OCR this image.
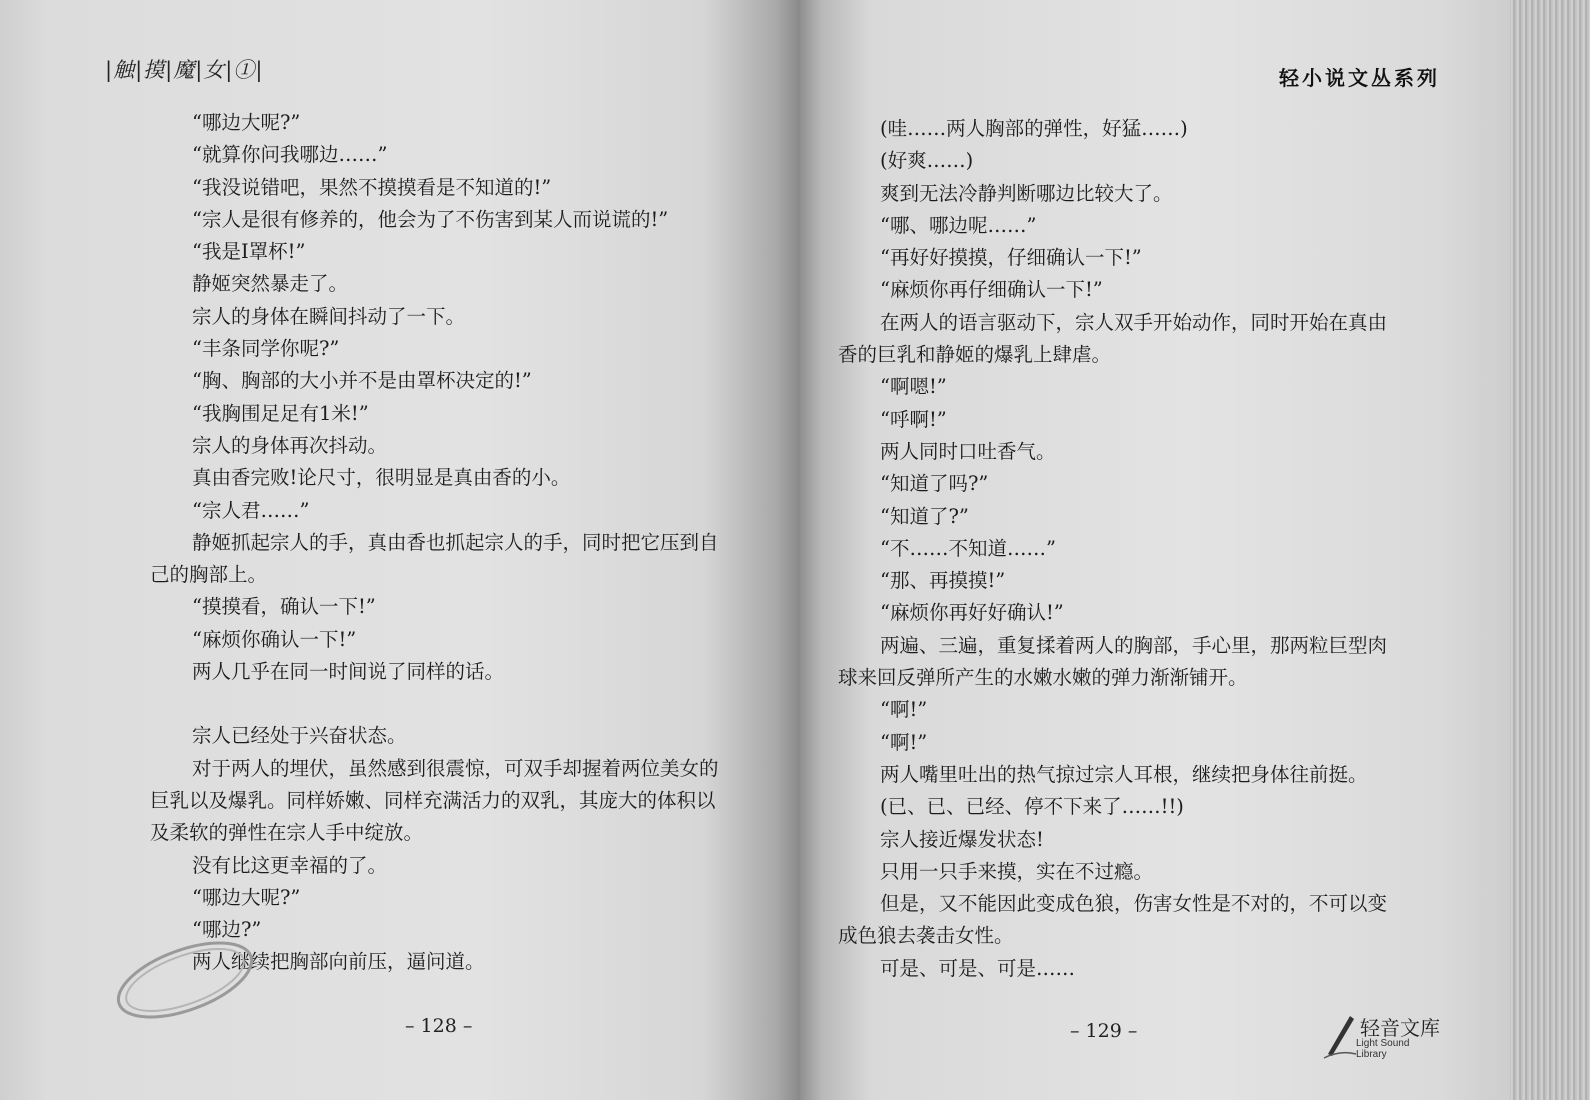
|触|摸|魔|女|①|

“哪边大呢?”

“就算你问我哪边……”

“我没说错吧，果然不摸摸看是不知道的!”

“宗人是很有修养的，他会为了不伤害到某人而说谎的!”

“我是I罩杯!”

静姬突然暴走了。

宗人的身体在瞬间抖动了一下。

“丰条同学你呢?”

“胸、胸部的大小并不是由罩杯决定的!”

“我胸围足足有1米!”

宗人的身体再次抖动。

真由香完败!论尺寸，很明显是真由香的小。

“宗人君……”

静姬抓起宗人的手，真由香也抓起宗人的手，同时把它压到自己的胸部上。

“摸摸看，确认一下!”

“麻烦你确认一下!”

两人几乎在同一时间说了同样的话。

宗人已经处于兴奋状态。

对于两人的埋伏，虽然感到很震惊，可双手却握着两位美女的巨乳以及爆乳。同样娇嫩、同样充满活力的双乳，其庞大的体积以及柔软的弹性在宗人手中绽放。

没有比这更幸福的了。

“哪边大呢?”

“哪边?”

两人继续把胸部向前压，逼问道。

– 128 –
轻小说文丛系列

(哇……两人胸部的弹性，好猛……)

(好爽……)

爽到无法冷静判断哪边比较大了。

“哪、哪边呢……”

“再好好摸摸，仔细确认一下!”

“麻烦你再仔细确认一下!”

在两人的语言驱动下，宗人双手开始动作，同时开始在真由香的巨乳和静姬的爆乳上肆虐。

“啊嗯!”

“呼啊!”

两人同时口吐香气。

“知道了吗?”

“知道了?”

“不……不知道……”

“那、再摸摸!”

“麻烦你再好好确认!”

两遍、三遍，重复揉着两人的胸部，手心里，那两粒巨型肉球来回反弹所产生的水嫩水嫩的弹力渐渐铺开。

“啊!”

“啊!”

两人嘴里吐出的热气掠过宗人耳根，继续把身体往前挺。

(已、已、已经、停不下来了……!!)

宗人接近爆发状态!

只用一只手来摸，实在不过瘾。

但是，又不能因此变成色狼，伤害女性是不对的，不可以变成色狼去袭击女性。

可是、可是、可是……

– 129 –	轻音文库
Light Sound Library
